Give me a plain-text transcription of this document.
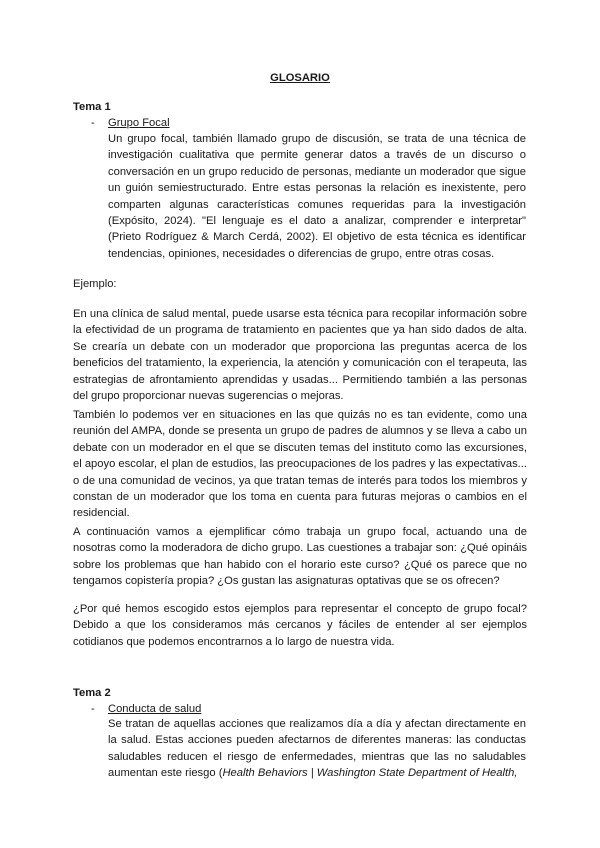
GLOSARIO
Tema 1
- Grupo Focal
Un grupo focal, también llamado grupo de discusión, se trata de una técnica de investigación cualitativa que permite generar datos a través de un discurso o conversación en un grupo reducido de personas, mediante un moderador que sigue un guión semiestructurado. Entre estas personas la relación es inexistente, pero comparten algunas características comunes requeridas para la investigación (Expósito, 2024). "El lenguaje es el dato a analizar, comprender e interpretar" (Prieto Rodríguez & March Cerdá, 2002). El objetivo de esta técnica es identificar tendencias, opiniones, necesidades o diferencias de grupo, entre otras cosas.
Ejemplo:
En una clínica de salud mental, puede usarse esta técnica para recopilar información sobre la efectividad de un programa de tratamiento en pacientes que ya han sido dados de alta. Se crearía un debate con un moderador que proporciona las preguntas acerca de los beneficios del tratamiento, la experiencia, la atención y comunicación con el terapeuta, las estrategias de afrontamiento aprendidas y usadas... Permitiendo también a las personas del grupo proporcionar nuevas sugerencias o mejoras.
También lo podemos ver en situaciones en las que quizás no es tan evidente, como una reunión del AMPA, donde se presenta un grupo de padres de alumnos y se lleva a cabo un debate con un moderador en el que se discuten temas del instituto como las excursiones, el apoyo escolar, el plan de estudios, las preocupaciones de los padres y las expectativas... o de una comunidad de vecinos, ya que tratan temas de interés para todos los miembros y constan de un moderador que los toma en cuenta para futuras mejoras o cambios en el residencial.
A continuación vamos a ejemplificar cómo trabaja un grupo focal, actuando una de nosotras como la moderadora de dicho grupo. Las cuestiones a trabajar son: ¿Qué opináis sobre los problemas que han habido con el horario este curso? ¿Qué os parece que no tengamos copistería propia? ¿Os gustan las asignaturas optativas que se os ofrecen?
¿Por qué hemos escogido estos ejemplos para representar el concepto de grupo focal? Debido a que los consideramos más cercanos y fáciles de entender al ser ejemplos cotidianos que podemos encontrarnos a lo largo de nuestra vida.
Tema 2
- Conducta de salud
Se tratan de aquellas acciones que realizamos día a día y afectan directamente en la salud. Estas acciones pueden afectarnos de diferentes maneras: las conductas saludables reducen el riesgo de enfermedades, mientras que las no saludables aumentan este riesgo (Health Behaviors | Washington State Department of Health,
